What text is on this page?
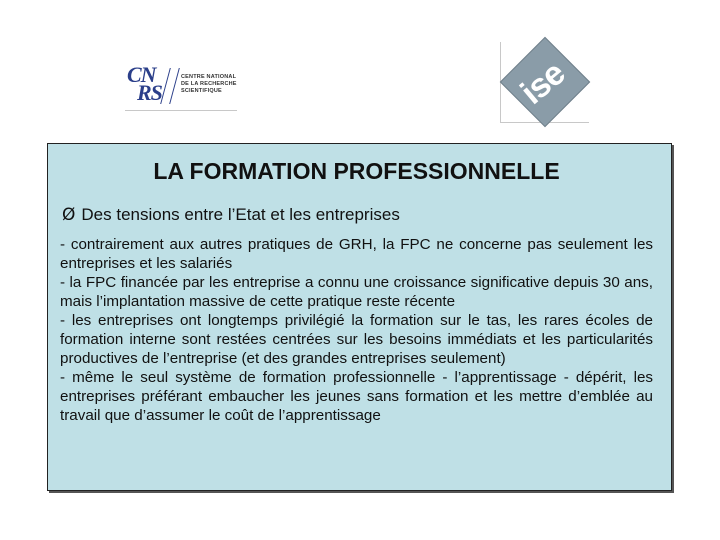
CN
RS
CENTRE NATIONAL
DE LA RECHERCHE
SCIENTIFIQUE	ise
LA FORMATION PROFESSIONNELLE
Ø Des tensions entre l’Etat et les entreprises

- contrairement aux autres pratiques de GRH, la FPC ne concerne pas seulement les entreprises et les salariés

- la FPC financée par les entreprise a connu une croissance significative depuis 30 ans, mais l’implantation massive de cette pratique reste récente

- les entreprises ont longtemps privilégié la formation sur le tas, les rares écoles de formation interne sont restées centrées sur les besoins immédiats et les particularités productives de l’entreprise (et des grandes entreprises seulement)

- même le seul système de formation professionnelle - l’apprentissage - dépérit, les entreprises préférant embaucher les jeunes sans formation et les mettre d’emblée au travail que d’assumer le coût de l’apprentissage
